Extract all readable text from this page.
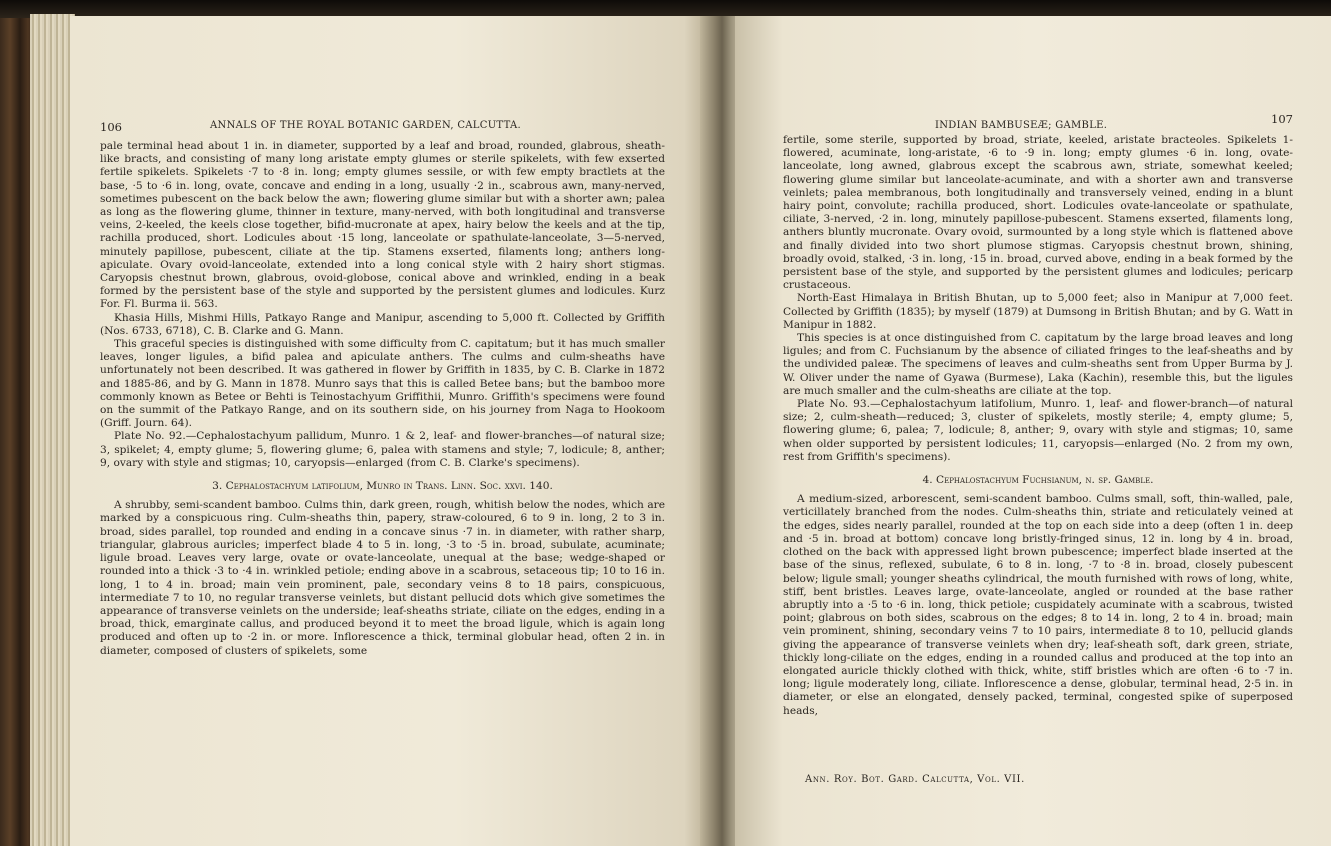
106	ANNALS OF THE ROYAL BOTANIC GARDEN, CALCUTTA.

pale terminal head about 1 in. in diameter, supported by a leaf and broad, rounded, glabrous, sheath-like bracts, and consisting of many long aristate empty glumes or sterile spikelets, with few exserted fertile spikelets. Spikelets ·7 to ·8 in. long; empty glumes sessile, or with few empty bractlets at the base, ·5 to ·6 in. long, ovate, concave and ending in a long, usually ·2 in., scabrous awn, many-nerved, sometimes pubescent on the back below the awn; flowering glume similar but with a shorter awn; palea as long as the flowering glume, thinner in texture, many-nerved, with both longitudinal and transverse veins, 2-keeled, the keels close together, bifid-mucronate at apex, hairy below the keels and at the tip, rachilla produced, short. Lodicules about ·15 long, lanceolate or spathulate-lanceolate, 3—5-nerved, minutely papillose, pubescent, ciliate at the tip. Stamens exserted, filaments long; anthers long-apiculate. Ovary ovoid-lanceolate, extended into a long conical style with 2 hairy short stigmas. Caryopsis chestnut brown, glabrous, ovoid-globose, conical above and wrinkled, ending in a beak formed by the persistent base of the style and supported by the persistent glumes and lodicules. Kurz For. Fl. Burma ii. 563.

Khasia Hills, Mishmi Hills, Patkayo Range and Manipur, ascending to 5,000 ft. Collected by Griffith (Nos. 6733, 6718), C. B. Clarke and G. Mann.

This graceful species is distinguished with some difficulty from C. capitatum; but it has much smaller leaves, longer ligules, a bifid palea and apiculate anthers. The culms and culm-sheaths have unfortunately not been described. It was gathered in flower by Griffith in 1835, by C. B. Clarke in 1872 and 1885-86, and by G. Mann in 1878. Munro says that this is called Betee bans; but the bamboo more commonly known as Betee or Behti is Teinostachyum Griffithii, Munro. Griffith's specimens were found on the summit of the Patkayo Range, and on its southern side, on his journey from Naga to Hookoom (Griff. Journ. 64).

Plate No. 92.—Cephalostachyum pallidum, Munro. 1 & 2, leaf- and flower-branches—of natural size; 3, spikelet; 4, empty glume; 5, flowering glume; 6, palea with stamens and style; 7, lodicule; 8, anther; 9, ovary with style and stigmas; 10, caryopsis—enlarged (from C. B. Clarke's specimens).

3. Cephalostachyum latifolium, Munro in Trans. Linn. Soc. xxvi. 140.

A shrubby, semi-scandent bamboo. Culms thin, dark green, rough, whitish below the nodes, which are marked by a conspicuous ring. Culm-sheaths thin, papery, straw-coloured, 6 to 9 in. long, 2 to 3 in. broad, sides parallel, top rounded and ending in a concave sinus ·7 in. in diameter, with rather sharp, triangular, glabrous auricles; imperfect blade 4 to 5 in. long, ·3 to ·5 in. broad, subulate, acuminate; ligule broad. Leaves very large, ovate or ovate-lanceolate, unequal at the base; wedge-shaped or rounded into a thick ·3 to ·4 in. wrinkled petiole; ending above in a scabrous, setaceous tip; 10 to 16 in. long, 1 to 4 in. broad; main vein prominent, pale, secondary veins 8 to 18 pairs, conspicuous, intermediate 7 to 10, no regular transverse veinlets, but distant pellucid dots which give sometimes the appearance of transverse veinlets on the underside; leaf-sheaths striate, ciliate on the edges, ending in a broad, thick, emarginate callus, and produced beyond it to meet the broad ligule, which is again long produced and often up to ·2 in. or more. Inflorescence a thick, terminal globular head, often 2 in. in diameter, composed of clusters of spikelets, some

INDIAN BAMBUSEÆ; GAMBLE.	107

fertile, some sterile, supported by broad, striate, keeled, aristate bracteoles. Spikelets 1-flowered, acuminate, long-aristate, ·6 to ·9 in. long; empty glumes ·6 in. long, ovate-lanceolate, long awned, glabrous except the scabrous awn, striate, somewhat keeled; flowering glume similar but lanceolate-acuminate, and with a shorter awn and transverse veinlets; palea membranous, both longitudinally and transversely veined, ending in a blunt hairy point, convolute; rachilla produced, short. Lodicules ovate-lanceolate or spathulate, ciliate, 3-nerved, ·2 in. long, minutely papillose-pubescent. Stamens exserted, filaments long, anthers bluntly mucronate. Ovary ovoid, surmounted by a long style which is flattened above and finally divided into two short plumose stigmas. Caryopsis chestnut brown, shining, broadly ovoid, stalked, ·3 in. long, ·15 in. broad, curved above, ending in a beak formed by the persistent base of the style, and supported by the persistent glumes and lodicules; pericarp crustaceous.

North-East Himalaya in British Bhutan, up to 5,000 feet; also in Manipur at 7,000 feet. Collected by Griffith (1835); by myself (1879) at Dumsong in British Bhutan; and by G. Watt in Manipur in 1882.

This species is at once distinguished from C. capitatum by the large broad leaves and long ligules; and from C. Fuchsianum by the absence of ciliated fringes to the leaf-sheaths and by the undivided paleæ. The specimens of leaves and culm-sheaths sent from Upper Burma by J. W. Oliver under the name of Gyawa (Burmese), Laka (Kachin), resemble this, but the ligules are much smaller and the culm-sheaths are ciliate at the top.

Plate No. 93.—Cephalostachyum latifolium, Munro. 1, leaf- and flower-branch—of natural size; 2, culm-sheath—reduced; 3, cluster of spikelets, mostly sterile; 4, empty glume; 5, flowering glume; 6, palea; 7, lodicule; 8, anther; 9, ovary with style and stigmas; 10, same when older supported by persistent lodicules; 11, caryopsis—enlarged (No. 2 from my own, rest from Griffith's specimens).

4. Cephalostachyum Fuchsianum, n. sp. Gamble.

A medium-sized, arborescent, semi-scandent bamboo. Culms small, soft, thin-walled, pale, verticillately branched from the nodes. Culm-sheaths thin, striate and reticulately veined at the edges, sides nearly parallel, rounded at the top on each side into a deep (often 1 in. deep and ·5 in. broad at bottom) concave long bristly-fringed sinus, 12 in. long by 4 in. broad, clothed on the back with appressed light brown pubescence; imperfect blade inserted at the base of the sinus, reflexed, subulate, 6 to 8 in. long, ·7 to ·8 in. broad, closely pubescent below; ligule small; younger sheaths cylindrical, the mouth furnished with rows of long, white, stiff, bent bristles. Leaves large, ovate-lanceolate, angled or rounded at the base rather abruptly into a ·5 to ·6 in. long, thick petiole; cuspidately acuminate with a scabrous, twisted point; glabrous on both sides, scabrous on the edges; 8 to 14 in. long, 2 to 4 in. broad; main vein prominent, shining, secondary veins 7 to 10 pairs, intermediate 8 to 10, pellucid glands giving the appearance of transverse veinlets when dry; leaf-sheath soft, dark green, striate, thickly long-ciliate on the edges, ending in a rounded callus and produced at the top into an elongated auricle thickly clothed with thick, white, stiff bristles which are often ·6 to ·7 in. long; ligule moderately long, ciliate. Inflorescence a dense, globular, terminal head, 2·5 in. in diameter, or else an elongated, densely packed, terminal, congested spike of superposed heads,

Ann. Roy. Bot. Gard. Calcutta, Vol. VII.
